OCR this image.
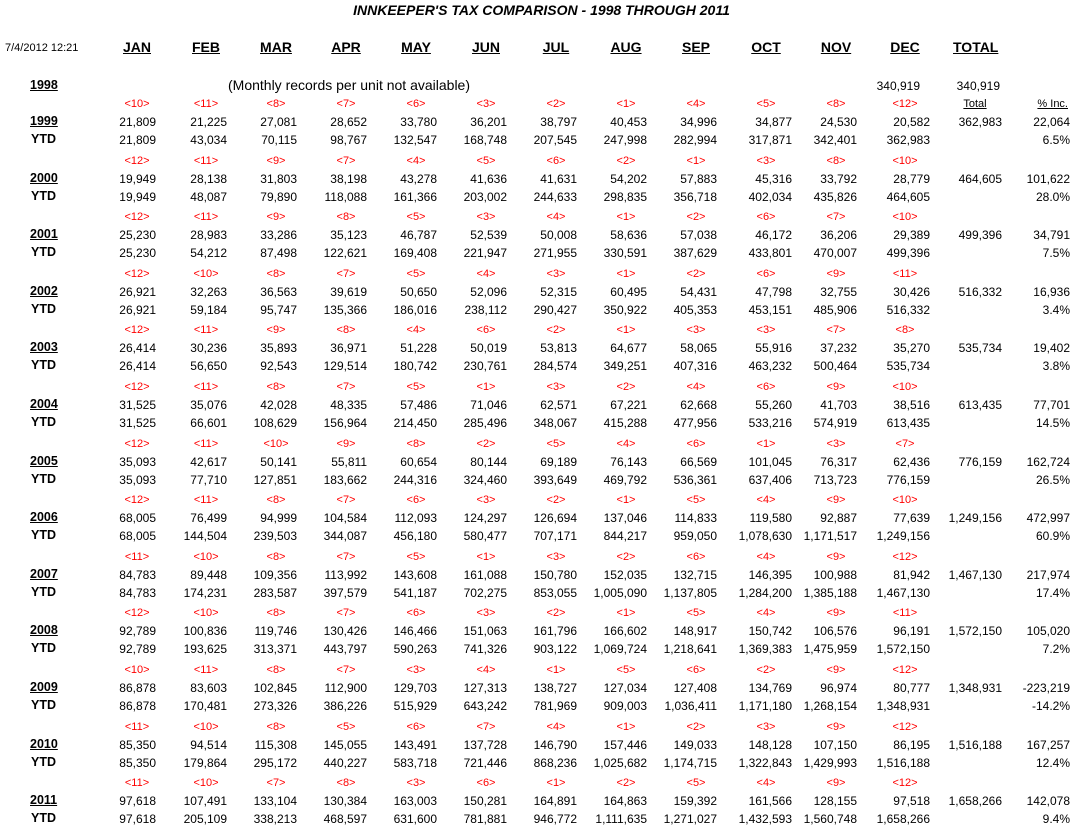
INNKEEPER'S TAX COMPARISON - 1998 THROUGH 2011
7/4/2012 12:21	JAN	FEB	MAR	APR	MAY	JUN	JUL	AUG	SEP	OCT	NOV	DEC	TOTAL
1998	(Monthly records per unit not available)	340,919	340,919
Total	% Inc.
<10>	<11>	<8>	<7>	<6>	<3>	<2>	<1>	<4>	<5>	<8>	<12>
1999	21,809	21,225	27,081	28,652	33,780	36,201	38,797	40,453	34,996	34,877	24,530	20,582	362,983	22,064
YTD	21,809	43,034	70,115	98,767	132,547	168,748	207,545	247,998	282,994	317,871	342,401	362,983	6.5%
<12>	<11>	<9>	<7>	<4>	<5>	<6>	<2>	<1>	<3>	<8>	<10>
2000	19,949	28,138	31,803	38,198	43,278	41,636	41,631	54,202	57,883	45,316	33,792	28,779	464,605	101,622
YTD	19,949	48,087	79,890	118,088	161,366	203,002	244,633	298,835	356,718	402,034	435,826	464,605	28.0%
<12>	<11>	<9>	<8>	<5>	<3>	<4>	<1>	<2>	<6>	<7>	<10>
2001	25,230	28,983	33,286	35,123	46,787	52,539	50,008	58,636	57,038	46,172	36,206	29,389	499,396	34,791
YTD	25,230	54,212	87,498	122,621	169,408	221,947	271,955	330,591	387,629	433,801	470,007	499,396	7.5%
<12>	<10>	<8>	<7>	<5>	<4>	<3>	<1>	<2>	<6>	<9>	<11>
2002	26,921	32,263	36,563	39,619	50,650	52,096	52,315	60,495	54,431	47,798	32,755	30,426	516,332	16,936
YTD	26,921	59,184	95,747	135,366	186,016	238,112	290,427	350,922	405,353	453,151	485,906	516,332	3.4%
<12>	<11>	<9>	<8>	<4>	<6>	<2>	<1>	<3>	<3>	<7>	<8>
2003	26,414	30,236	35,893	36,971	51,228	50,019	53,813	64,677	58,065	55,916	37,232	35,270	535,734	19,402
YTD	26,414	56,650	92,543	129,514	180,742	230,761	284,574	349,251	407,316	463,232	500,464	535,734	3.8%
<12>	<11>	<8>	<7>	<5>	<1>	<3>	<2>	<4>	<6>	<9>	<10>
2004	31,525	35,076	42,028	48,335	57,486	71,046	62,571	67,221	62,668	55,260	41,703	38,516	613,435	77,701
YTD	31,525	66,601	108,629	156,964	214,450	285,496	348,067	415,288	477,956	533,216	574,919	613,435	14.5%
<12>	<11>	<10>	<9>	<8>	<2>	<5>	<4>	<6>	<1>	<3>	<7>
2005	35,093	42,617	50,141	55,811	60,654	80,144	69,189	76,143	66,569	101,045	76,317	62,436	776,159	162,724
YTD	35,093	77,710	127,851	183,662	244,316	324,460	393,649	469,792	536,361	637,406	713,723	776,159	26.5%
<12>	<11>	<8>	<7>	<6>	<3>	<2>	<1>	<5>	<4>	<9>	<10>
2006	68,005	76,499	94,999	104,584	112,093	124,297	126,694	137,046	114,833	119,580	92,887	77,639	1,249,156	472,997
YTD	68,005	144,504	239,503	344,087	456,180	580,477	707,171	844,217	959,050	1,078,630 1,171,517	1,249,156	60.9%
<11>	<10>	<8>	<7>	<5>	<1>	<3>	<2>	<6>	<4>	<9>	<12>
2007	84,783	89,448	109,356	113,992	143,608	161,088	150,780	152,035	132,715	146,395	100,988	81,942	1,467,130	217,974
YTD	84,783	174,231	283,587	397,579	541,187	702,275	853,055	1,005,090	1,137,805	1,284,200 1,385,188	1,467,130	17.4%
<12>	<10>	<8>	<7>	<6>	<3>	<2>	<1>	<5>	<4>	<9>	<11>
2008	92,789	100,836	119,746	130,426	146,466	151,063	161,796	166,602	148,917	150,742	106,576	96,191	1,572,150	105,020
YTD	92,789	193,625	313,371	443,797	590,263	741,326	903,122	1,069,724	1,218,641	1,369,383 1,475,959	1,572,150	7.2%
<10>	<11>	<8>	<7>	<3>	<4>	<1>	<5>	<6>	<2>	<9>	<12>
2009	86,878	83,603	102,845	112,900	129,703	127,313	138,727	127,034	127,408	134,769	96,974	80,777	1,348,931	-223,219
YTD	86,878	170,481	273,326	386,226	515,929	643,242	781,969	909,003	1,036,411	1,171,180 1,268,154	1,348,931	-14.2%
<11>	<10>	<8>	<5>	<6>	<7>	<4>	<1>	<2>	<3>	<9>	<12>
2010	85,350	94,514	115,308	145,055	143,491	137,728	146,790	157,446	149,033	148,128	107,150	86,195	1,516,188	167,257
YTD	85,350	179,864	295,172	440,227	583,718	721,446	868,236	1,025,682	1,174,715	1,322,843 1,429,993	1,516,188	12.4%
<11>	<10>	<7>	<8>	<3>	<6>	<1>	<2>	<5>	<4>	<9>	<12>
2011	97,618	107,491	133,104	130,384	163,003	150,281	164,891	164,863	159,392	161,566	128,155	97,518	1,658,266	142,078
YTD	97,618	205,109	338,213	468,597	631,600	781,881	946,772	1,111,635	1,271,027	1,432,593 1,560,748	1,658,266	9.4%
